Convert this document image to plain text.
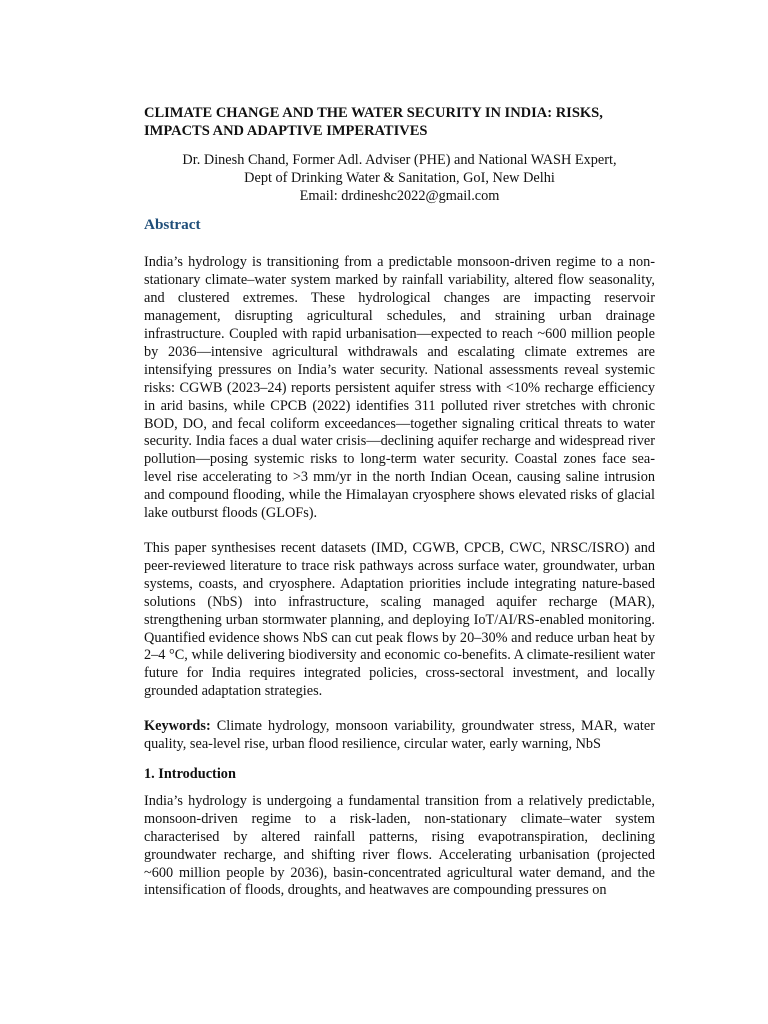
CLIMATE CHANGE AND THE WATER SECURITY IN INDIA: RISKS, IMPACTS AND ADAPTIVE IMPERATIVES
Dr. Dinesh Chand, Former Adl. Adviser (PHE) and National WASH Expert,
Dept of Drinking Water & Sanitation, GoI, New Delhi
Email: drdineshc2022@gmail.com
Abstract

India’s hydrology is transitioning from a predictable monsoon-driven regime to a non-stationary climate–water system marked by rainfall variability, altered flow seasonality, and clustered extremes. These hydrological changes are impacting reservoir management, disrupting agricultural schedules, and straining urban drainage infrastructure. Coupled with rapid urbanisation—expected to reach ~600 million people by 2036—intensive agricultural withdrawals and escalating climate extremes are intensifying pressures on India’s water security. National assessments reveal systemic risks: CGWB (2023–24) reports persistent aquifer stress with <10% recharge efficiency in arid basins, while CPCB (2022) identifies 311 polluted river stretches with chronic BOD, DO, and fecal coliform exceedances—together signaling critical threats to water security. India faces a dual water crisis—declining aquifer recharge and widespread river pollution—posing systemic risks to long-term water security. Coastal zones face sea-level rise accelerating to >3 mm/yr in the north Indian Ocean, causing saline intrusion and compound flooding, while the Himalayan cryosphere shows elevated risks of glacial lake outburst floods (GLOFs).

This paper synthesises recent datasets (IMD, CGWB, CPCB, CWC, NRSC/ISRO) and peer-reviewed literature to trace risk pathways across surface water, groundwater, urban systems, coasts, and cryosphere. Adaptation priorities include integrating nature-based solutions (NbS) into infrastructure, scaling managed aquifer recharge (MAR), strengthening urban stormwater planning, and deploying IoT/AI/RS-enabled monitoring. Quantified evidence shows NbS can cut peak flows by 20–30% and reduce urban heat by 2–4 °C, while delivering biodiversity and economic co-benefits. A climate-resilient water future for India requires integrated policies, cross-sectoral investment, and locally grounded adaptation strategies.

Keywords: Climate hydrology, monsoon variability, groundwater stress, MAR, water quality, sea-level rise, urban flood resilience, circular water, early warning, NbS

1. Introduction

India’s hydrology is undergoing a fundamental transition from a relatively predictable, monsoon-driven regime to a risk-laden, non-stationary climate–water system characterised by altered rainfall patterns, rising evapotranspiration, declining groundwater recharge, and shifting river flows. Accelerating urbanisation (projected ~600 million people by 2036), basin-concentrated agricultural water demand, and the intensification of floods, droughts, and heatwaves are compounding pressures on
